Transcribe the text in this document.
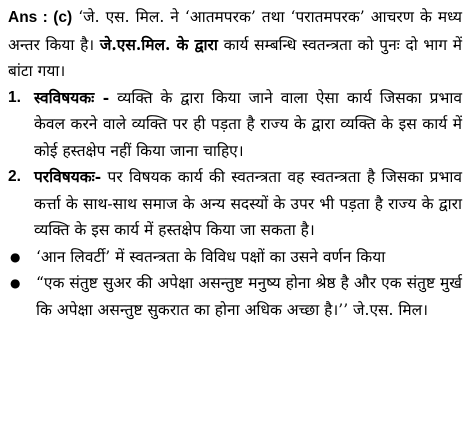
Ans : (c) ‘जे. एस. मिल. ने ‘आतमपरक’ तथा ‘परातमपरक’ आचरण के मध्य अन्तर किया है। जे.एस.मिल. के द्वारा कार्य सम्बन्धि स्वतन्त्रता को पुनः दो भाग में बांटा गया।

1. स्वविषयकः - व्यक्ति के द्वारा किया जाने वाला ऐसा कार्य जिसका प्रभाव केवल करने वाले व्यक्ति पर ही पड़ता है राज्य के द्वारा व्यक्ति के इस कार्य में कोई हस्तक्षेप नहीं किया जाना चाहिए।
2. परविषयकः- पर विषयक कार्य की स्वतन्त्रता वह स्वतन्त्रता है जिसका प्रभाव कर्त्ता के साथ-साथ समाज के अन्य सदस्यों के उपर भी पड़ता है राज्य के द्वारा व्यक्ति के इस कार्य में हस्तक्षेप किया जा सकता है।
●	‘आन लिवर्टी’ में स्वतन्त्रता के विविध पक्षों का उसने वर्णन किया
●	“एक संतुष्ट सुअर की अपेक्षा असन्तुष्ट मनुष्य होना श्रेष्ठ है और एक संतुष्ट मुर्ख कि अपेक्षा असन्तुष्ट सुकरात का होना अधिक अच्छा है।’’ जे.एस. मिल।
